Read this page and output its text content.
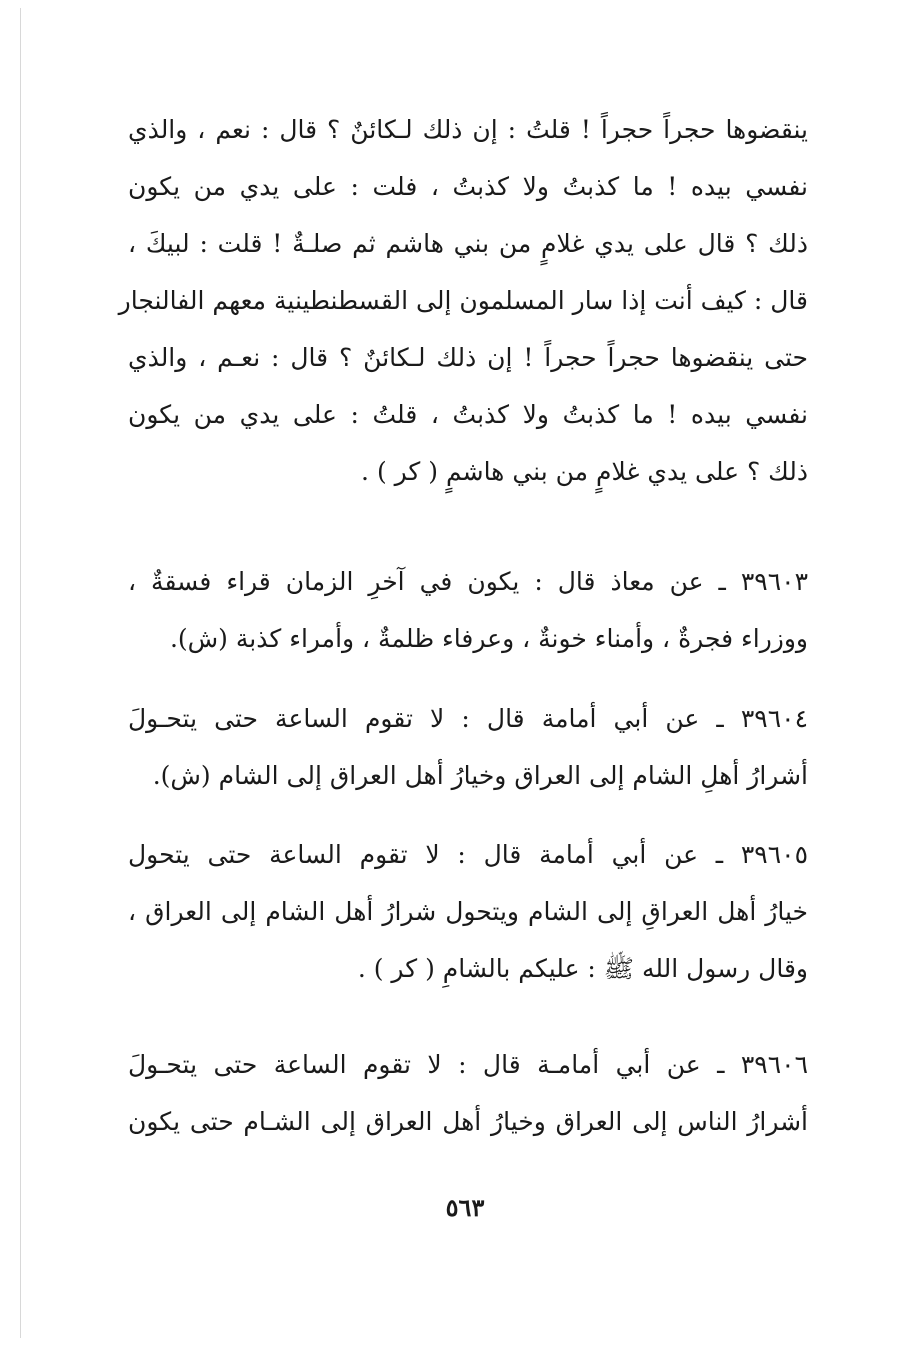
ينقضوها حجراً حجراً ! قلتُ : إن ذلك لـكائنٌ ؟ قال : نعم ، والذي
نفسي بيده ! ما كذبتُ ولا كذبتُ ، فلت : على يدي من يكون
ذلك ؟ قال على يدي غلامٍ من بني هاشم ثم صلـةٌ ! قلت : لبيكَ ،
قال : كيف أنت إذا سار المسلمون إلى القسطنطينية معهم الفالنجار
حتى ينقضوها حجراً حجراً ! إن ذلك لـكائنٌ ؟ قال : نعـم ، والذي
نفسي بيده ! ما كذبتُ ولا كذبتُ ، قلتُ : على يدي من يكون
ذلك ؟ على يدي غلامٍ من بني هاشمٍ ( كر ) .
٣٩٦٠٣ ـ عن معاذ قال : يكون في آخرِ الزمان قراء فسقةٌ ،
ووزراء فجرةٌ ، وأمناء خونةٌ ، وعرفاء ظلمةٌ ، وأمراء كذبة (ش).
٣٩٦٠٤ ـ عن أبي أمامة قال : لا تقوم الساعة حتى يتحـولَ
أشرارُ أهلِ الشام إلى العراق وخيارُ أهل العراق إلى الشام (ش).
٣٩٦٠٥ ـ عن أبي أمامة قال : لا تقوم الساعة حتى يتحول
خيارُ أهل العراقِ إلى الشام ويتحول شرارُ أهل الشام إلى العراق ،
وقال رسول الله ﷺ : عليكم بالشامِ ( كر ) .
٣٩٦٠٦ ـ عن أبي أمامـة قال : لا تقوم الساعة حتى يتحـولَ
أشرارُ الناس إلى العراق وخيارُ أهل العراق إلى الشـام حتى يكون
٥٦٣
